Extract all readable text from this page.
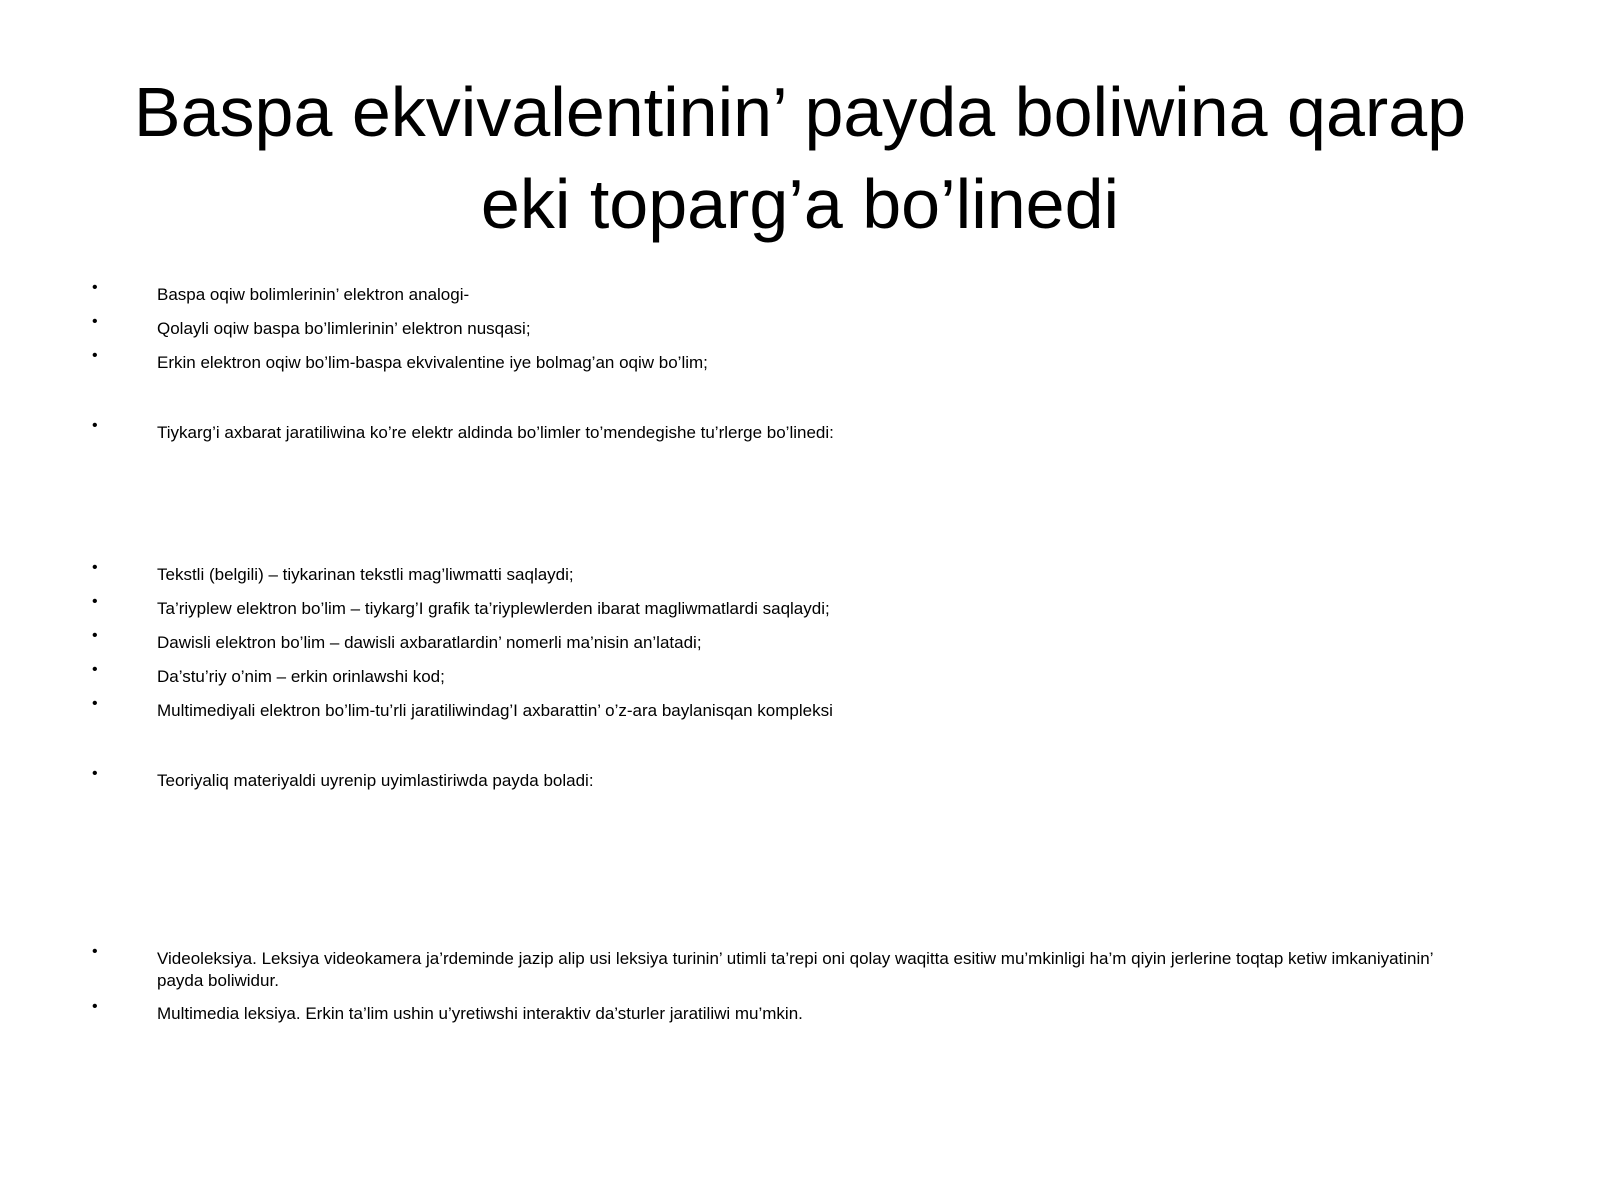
Baspa ekvivalentinin’ payda boliwina qarap
eki toparg’a bo’linedi
•	Baspa oqiw bolimlerinin’ elektron analogi-
•	Qolayli oqiw baspa bo’limlerinin’ elektron nusqasi;
•	Erkin elektron oqiw bo’lim-baspa ekvivalentine iye bolmag’an oqiw bo’lim;
•	Tiykarg’i axbarat jaratiliwina ko’re elektr aldinda bo’limler to’mendegishe tu’rlerge bo’linedi:
•	Tekstli (belgili) – tiykarinan tekstli mag’liwmatti saqlaydi;
•	Ta’riyplew elektron bo’lim – tiykarg’I grafik ta’riyplewlerden ibarat magliwmatlardi saqlaydi;
•	Dawisli elektron bo’lim – dawisli axbaratlardin’ nomerli ma’nisin an’latadi;
•	Da’stu’riy o’nim – erkin orinlawshi kod;
•	Multimediyali elektron bo’lim-tu’rli jaratiliwindag’I axbarattin’ o’z-ara baylanisqan kompleksi
•	Teoriyaliq materiyaldi uyrenip uyimlastiriwda payda boladi:
•	Videoleksiya. Leksiya videokamera ja’rdeminde jazip alip usi leksiya turinin’ utimli ta’repi oni qolay waqitta esitiw mu’mkinligi ha’m qiyin jerlerine toqtap ketiw imkaniyatinin’ payda boliwidur.
•	Multimedia leksiya. Erkin ta’lim ushin u’yretiwshi interaktiv da’sturler jaratiliwi mu’mkin.
